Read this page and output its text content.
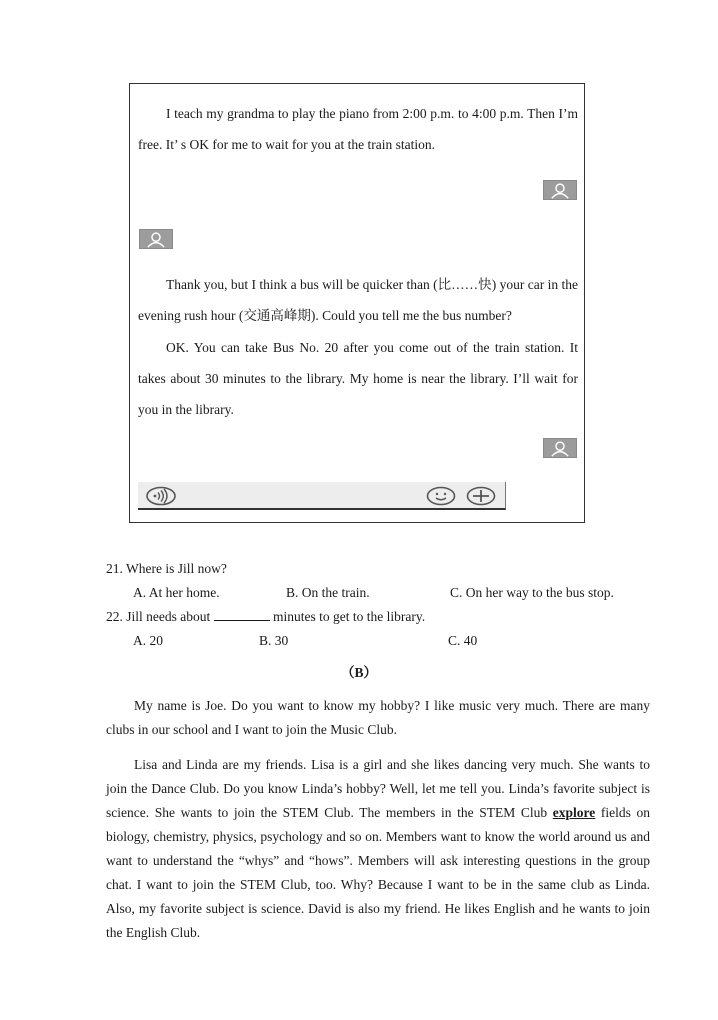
I teach my grandma to play the piano from 2:00 p.m. to 4:00 p.m. Then I’m free. It’ s OK for me to wait for you at the train station.

Thank you, but I think a bus will be quicker than (比……快) your car in the evening rush hour (交通高峰期). Could you tell me the bus number?

OK. You can take Bus No. 20 after you come out of the train station. It takes about 30 minutes to the library. My home is near the library. I’ll wait for you in the library.

21. Where is Jill now?
A. At her home.	B. On the train.	C. On her way to the bus stop.
22. Jill needs about	minutes to get to the library.
A. 20	B. 30	C. 40
（B）

My name is Joe. Do you want to know my hobby? I like music very much. There are many clubs in our school and I want to join the Music Club.

Lisa and Linda are my friends. Lisa is a girl and she likes dancing very much. She wants to join the Dance Club. Do you know Linda’s hobby? Well, let me tell you. Linda’s favorite subject is science. She wants to join the STEM Club. The members in the STEM Club explore fields on biology, chemistry, physics, psychology and so on. Members want to know the world around us and want to understand the “whys” and “hows”. Members will ask interesting questions in the group chat. I want to join the STEM Club, too. Why? Because I want to be in the same club as Linda. Also, my favorite subject is science. David is also my friend. He likes English and he wants to join the English Club.
